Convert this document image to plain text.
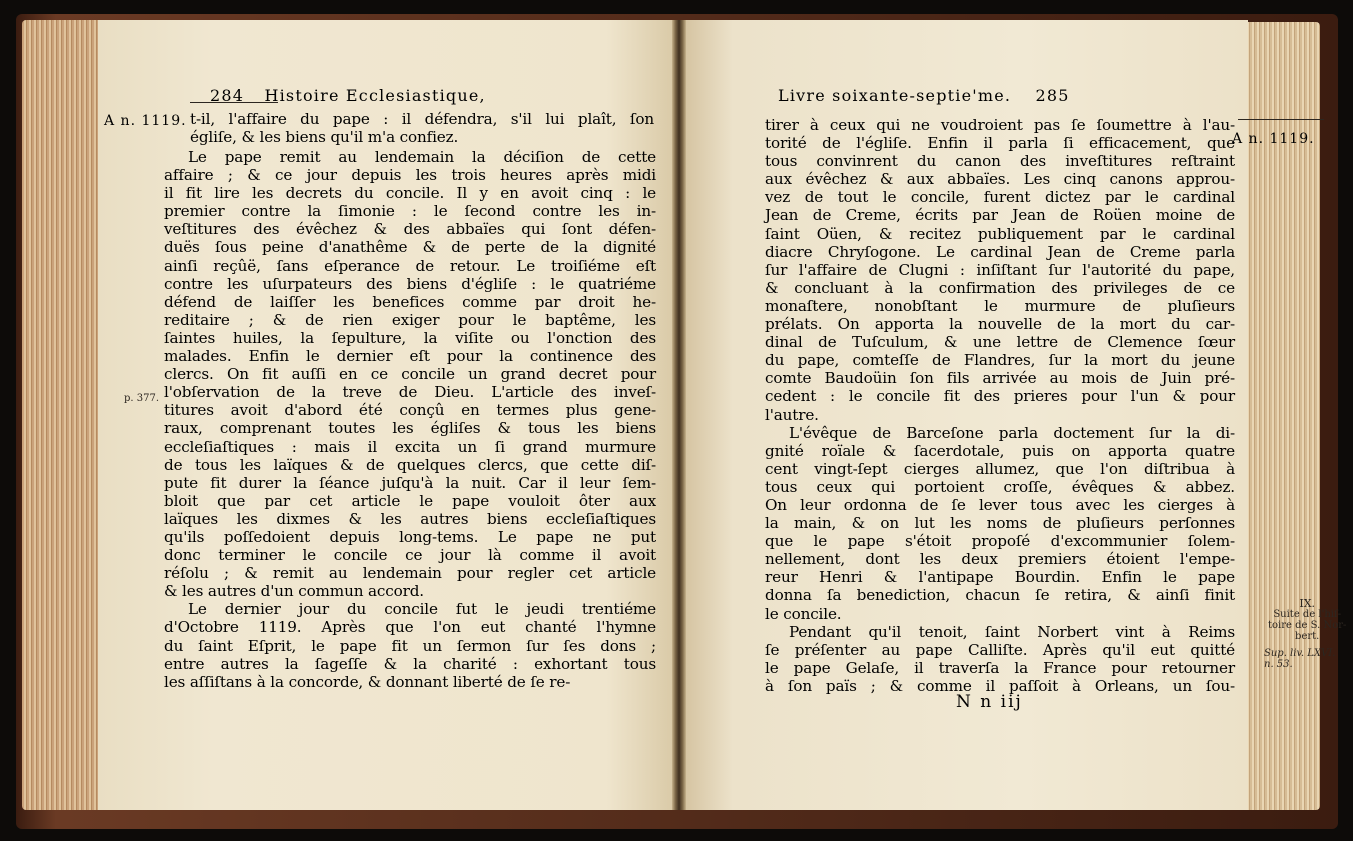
284 Histoire Ecclesiastique,
A n. 1119.
p. 377.
t-il, l'affaire du pape : il défendra, s'il lui plaît, ſon
égliſe, & les biens qu'il m'a confiez.
Le pape remit au lendemain la déciſion de cette
affaire ; & ce jour depuis les trois heures après midi
il fit lire les decrets du concile. Il y en avoit cinq : le
premier contre la ſimonie : le ſecond contre les in-
veſtitures des évêchez & des abbaïes qui ſont défen-
duës ſous peine d'anathême & de perte de la dignité
ainſi reçûë, ſans eſperance de retour. Le troiſiéme eſt
contre les uſurpateurs des biens d'égliſe : le quatriéme
défend de laiſſer les benefices comme par droit he-
reditaire ; & de rien exiger pour le baptême, les
ſaintes huiles, la ſepulture, la viſite ou l'onction des
malades. Enfin le dernier eſt pour la continence des
clercs. On fit auſſi en ce concile un grand decret pour
l'obſervation de la treve de Dieu. L'article des inveſ-
titures avoit d'abord été conçû en termes plus gene-
raux, comprenant toutes les égliſes & tous les biens
eccleſiaſtiques : mais il excita un ſi grand murmure
de tous les laïques & de quelques clercs, que cette diſ-
pute fit durer la ſéance juſqu'à la nuit. Car il leur ſem-
bloit que par cet article le pape vouloit ôter aux
laïques les dixmes & les autres biens eccleſiaſtiques
qu'ils poſſedoient depuis long-tems. Le pape ne put
donc terminer le concile ce jour là comme il avoit
réſolu ; & remit au lendemain pour regler cet article
& les autres d'un commun accord.
Le dernier jour du concile fut le jeudi trentiéme
d'Octobre 1119. Après que l'on eut chanté l'hymne
du ſaint Eſprit, le pape fit un ſermon ſur ſes dons ;
entre autres la ſageſſe & la charité : exhortant tous
les aſſiſtans à la concorde, & donnant liberté de ſe re-
Livre soixante-septie'me. 285
A n. 1119.
tirer à ceux qui ne voudroient pas ſe ſoumettre à l'au-
torité de l'égliſe. Enfin il parla ſi efficacement, que
tous convinrent du canon des inveſtitures reſtraint
aux évêchez & aux abbaïes. Les cinq canons approu-
vez de tout le concile, furent dictez par le cardinal
Jean de Creme, écrits par Jean de Roüen moine de
ſaint Oüen, & recitez publiquement par le cardinal
diacre Chryſogone. Le cardinal Jean de Creme parla
ſur l'affaire de Clugni : inſiſtant ſur l'autorité du pape,
& concluant à la confirmation des privileges de ce
monaſtere, nonobſtant le murmure de pluſieurs
prélats. On apporta la nouvelle de la mort du car-
dinal de Tuſculum, & une lettre de Clemence ſœur
du pape, comteſſe de Flandres, ſur la mort du jeune
comte Baudoüin ſon fils arrivée au mois de Juin pré-
cedent : le concile fit des prieres pour l'un & pour
l'autre.
L'évêque de Barceſone parla doctement ſur la di-
gnité roïale & ſacerdotale, puis on apporta quatre
cent vingt-ſept cierges allumez, que l'on diſtribua à
tous ceux qui portoient croſſe, évêques & abbez.
On leur ordonna de ſe lever tous avec les cierges à
la main, & on lut les noms de pluſieurs perſonnes
que le pape s'étoit propoſé d'excommunier ſolem-
nellement, dont les deux premiers étoient l'empe-
reur Henri & l'antipape Bourdin. Enfin le pape
donna ſa benediction, chacun ſe retira, & ainſi finit
le concile.
Pendant qu'il tenoit, ſaint Norbert vint à Reims
ſe préſenter au pape Calliſte. Après qu'il eut quitté
le pape Gelaſe, il traverſa la France pour retourner
à ſon païs ; & comme il paſſoit à Orleans, un ſou-
IX.
Suite de l'hiſ-
toire de S. Nor-
bert.
Sup. liv. LXVI.
n. 53.
N n iij
